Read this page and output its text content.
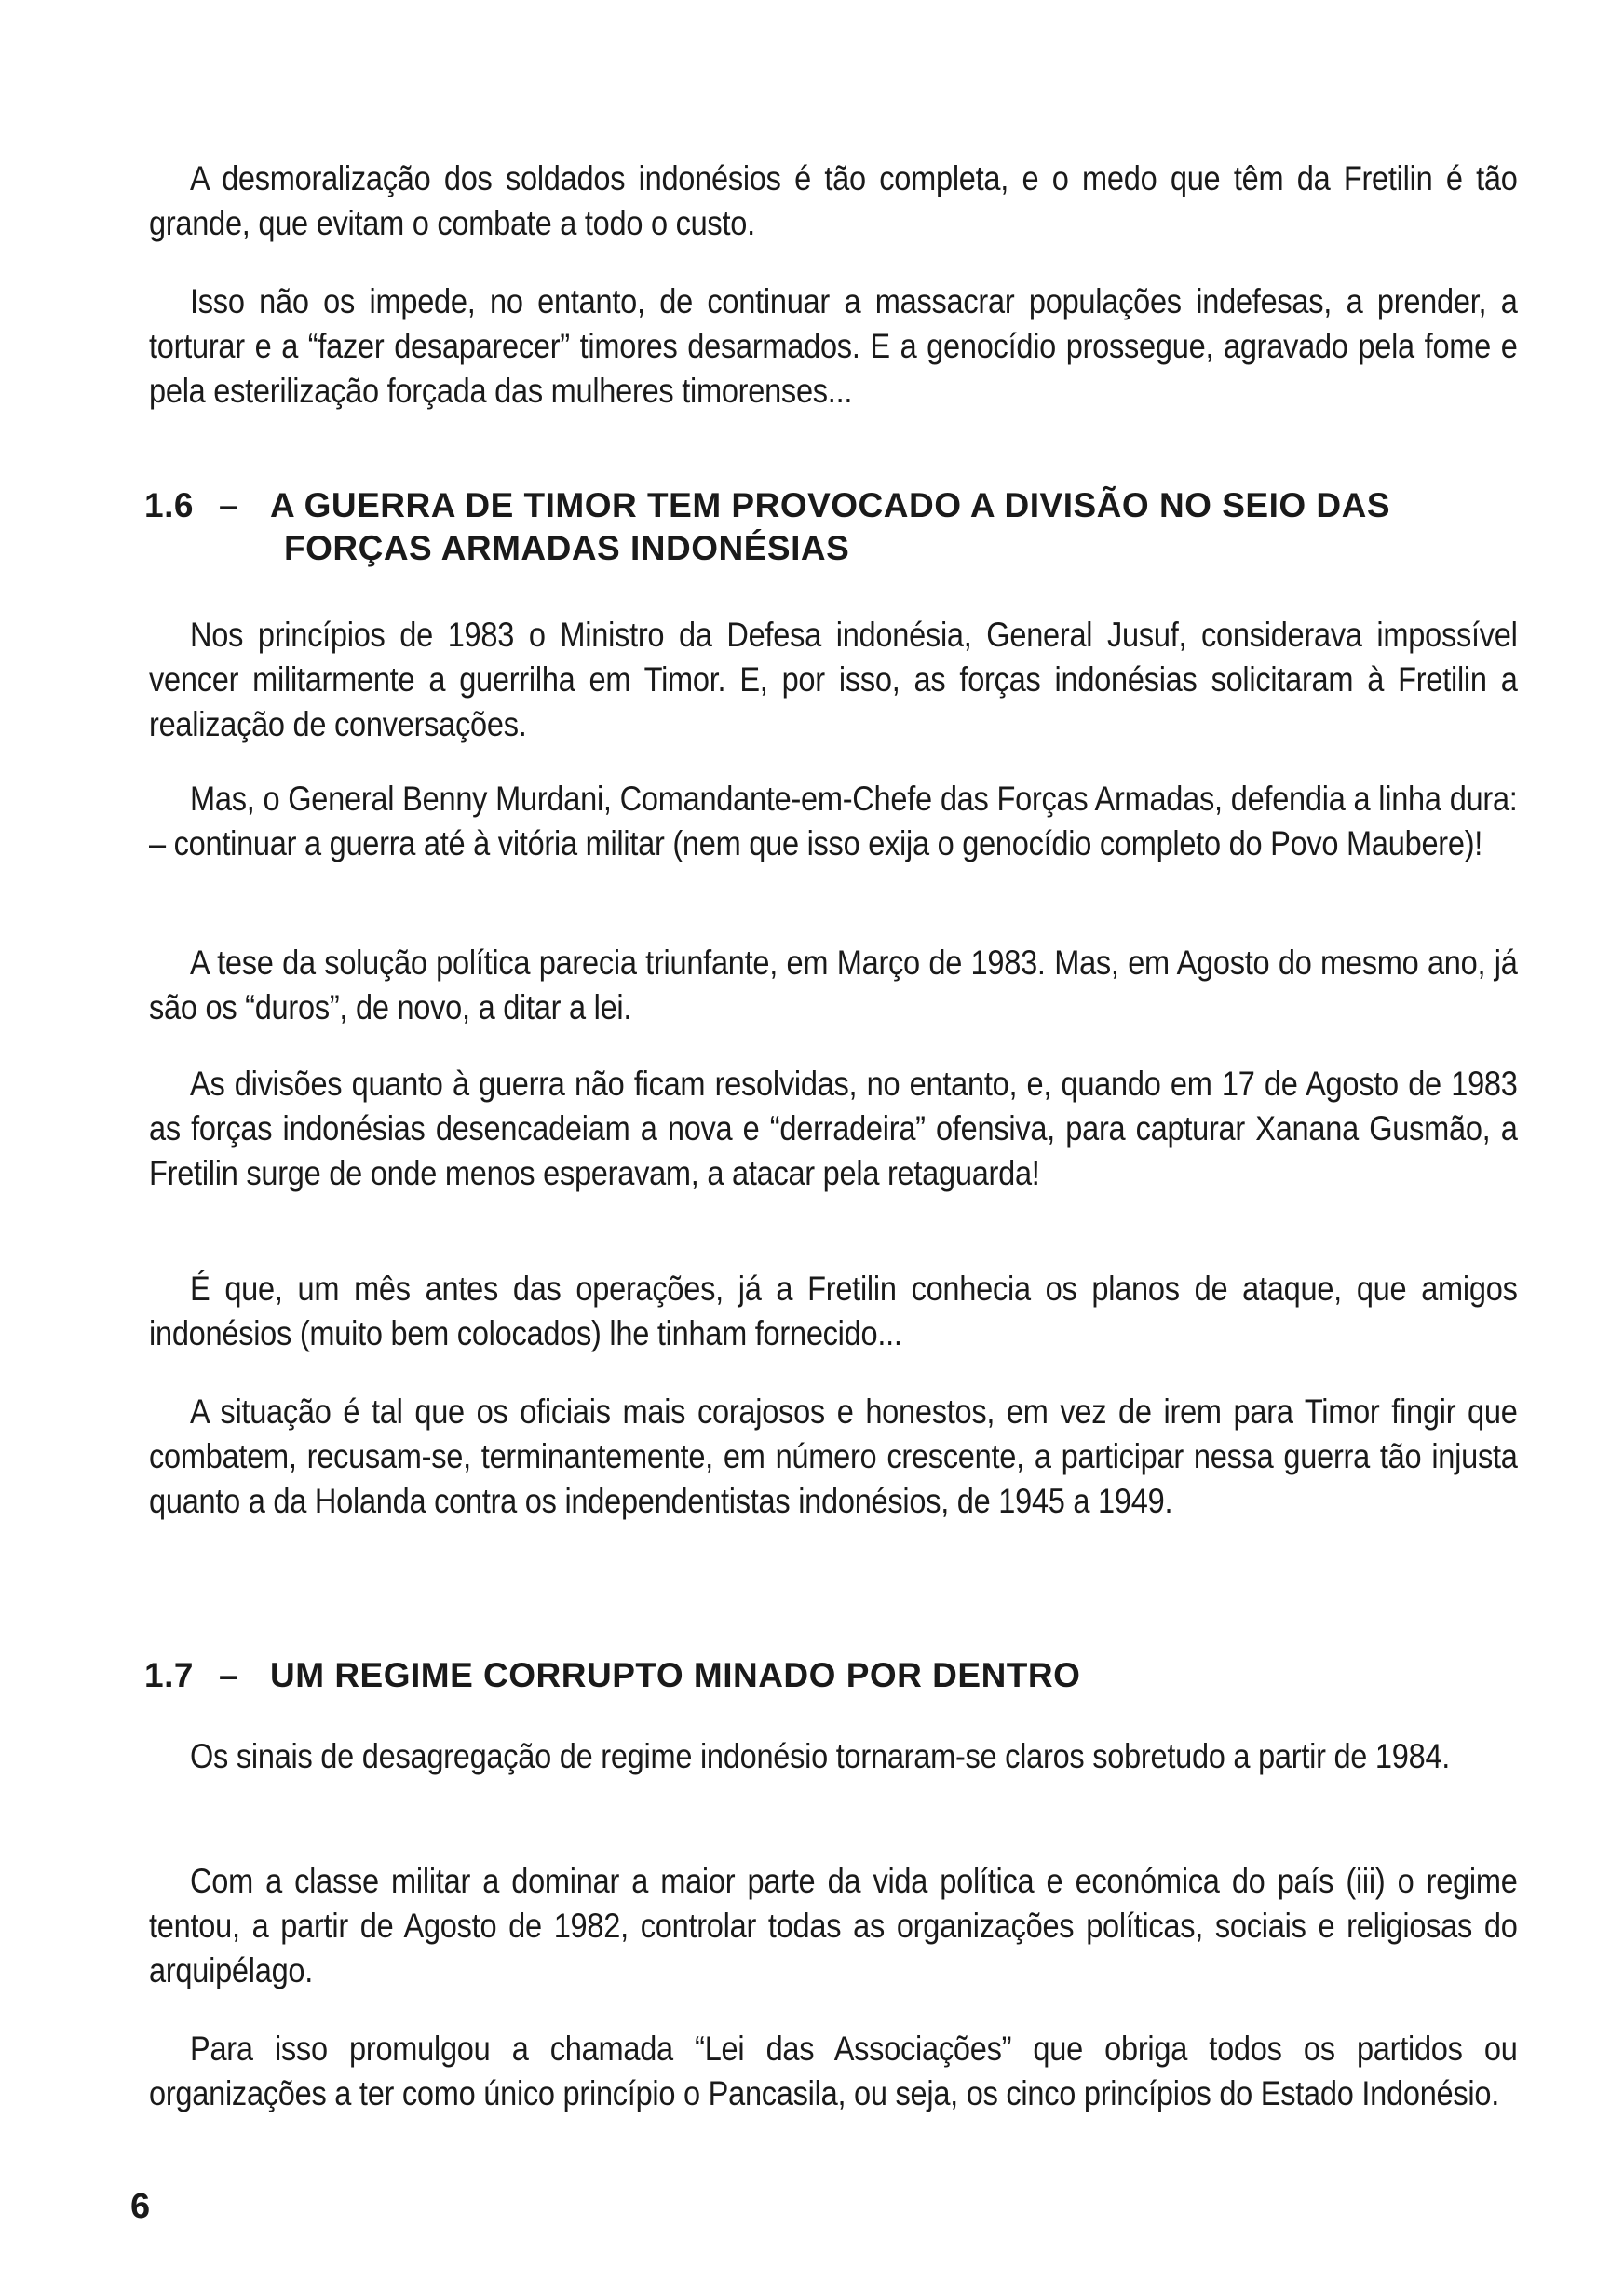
A desmoralização dos soldados indonésios é tão completa, e o medo que têm da Fretilin é tão grande, que evitam o combate a todo o custo.

Isso não os impede, no entanto, de continuar a massacrar populações indefesas, a prender, a torturar e a “fazer desaparecer” timores desarmados. E a genocídio prossegue, agravado pela fome e pela esterilização forçada das mulheres timorenses...

1.6 – A GUERRA DE TIMOR TEM PROVOCADO A DIVISÃO NO SEIO DAS
FORÇAS ARMADAS INDONÉSIAS

Nos princípios de 1983 o Ministro da Defesa indonésia, General Jusuf, considerava impossível vencer militarmente a guerrilha em Timor. E, por isso, as forças indonésias solicitaram à Fretilin a realização de conversações.

Mas, o General Benny Murdani, Comandante-em-Chefe das Forças Armadas, defendia a linha dura: – continuar a guerra até à vitória militar (nem que isso exija o genocídio completo do Povo Maubere)!

A tese da solução política parecia triunfante, em Março de 1983. Mas, em Agosto do mesmo ano, já são os “duros”, de novo, a ditar a lei.

As divisões quanto à guerra não ficam resolvidas, no entanto, e, quando em 17 de Agosto de 1983 as forças indonésias desencadeiam a nova e “derradeira” ofensiva, para capturar Xanana Gusmão, a Fretilin surge de onde menos esperavam, a atacar pela retaguarda!

É que, um mês antes das operações, já a Fretilin conhecia os planos de ataque, que amigos indonésios (muito bem colocados) lhe tinham fornecido...

A situação é tal que os oficiais mais corajosos e honestos, em vez de irem para Timor fingir que combatem, recusam-se, terminantemente, em número crescente, a participar nessa guerra tão injusta quanto a da Holanda contra os independentistas indonésios, de 1945 a 1949.

1.7 – UM REGIME CORRUPTO MINADO POR DENTRO

Os sinais de desagregação de regime indonésio tornaram-se claros sobretudo a partir de 1984.

Com a classe militar a dominar a maior parte da vida política e económica do país (iii) o regime tentou, a partir de Agosto de 1982, controlar todas as organizações políticas, sociais e religiosas do arquipélago.

Para isso promulgou a chamada “Lei das Associações” que obriga todos os partidos ou organizações a ter como único princípio o Pancasila, ou seja, os cinco princípios do Estado Indonésio.

6
